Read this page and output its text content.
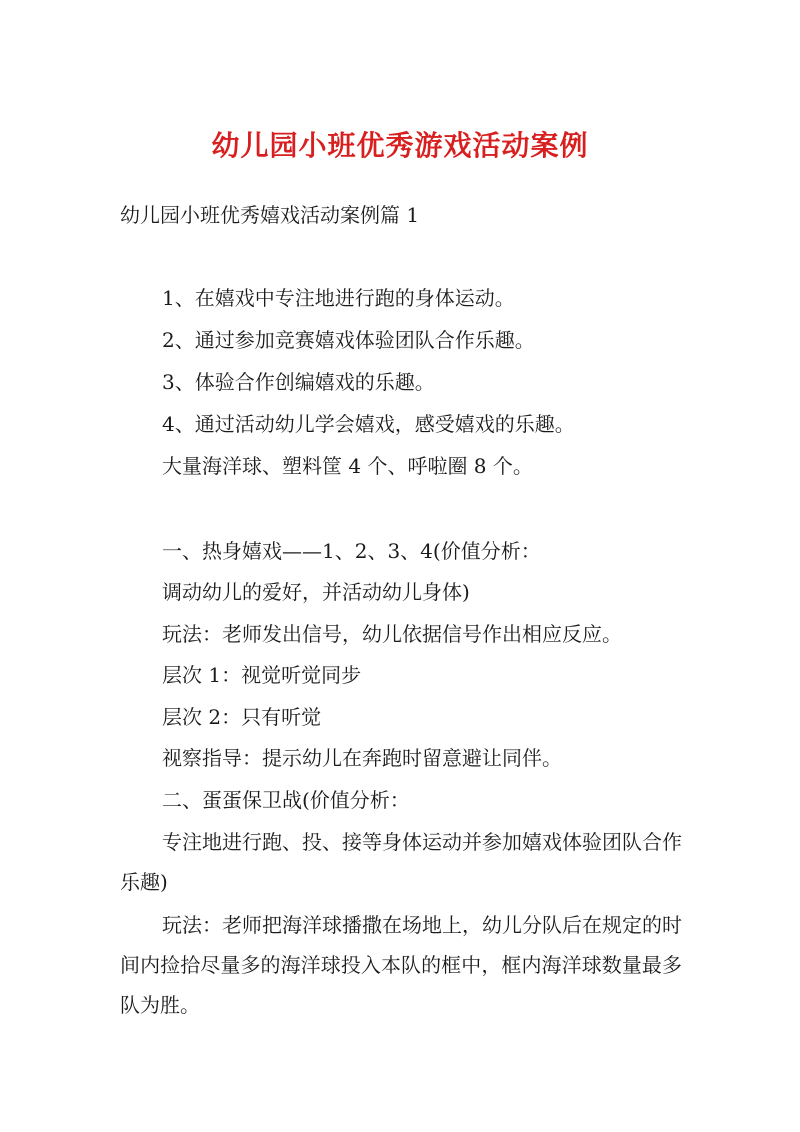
幼儿园小班优秀游戏活动案例
幼儿园小班优秀嬉戏活动案例篇 1
1、在嬉戏中专注地进行跑的身体运动。
2、通过参加竞赛嬉戏体验团队合作乐趣。
3、体验合作创编嬉戏的乐趣。
4、通过活动幼儿学会嬉戏，感受嬉戏的乐趣。
大量海洋球、塑料筐 4 个、呼啦圈 8 个。
一、热身嬉戏——1、2、3、4(价值分析：
调动幼儿的爱好，并活动幼儿身体)
玩法：老师发出信号，幼儿依据信号作出相应反应。
层次 1：视觉听觉同步
层次 2：只有听觉
视察指导：提示幼儿在奔跑时留意避让同伴。
二、蛋蛋保卫战(价值分析：
专注地进行跑、投、接等身体运动并参加嬉戏体验团队合作乐趣)
玩法：老师把海洋球播撒在场地上，幼儿分队后在规定的时间内捡拾尽量多的海洋球投入本队的框中，框内海洋球数量最多队为胜。
